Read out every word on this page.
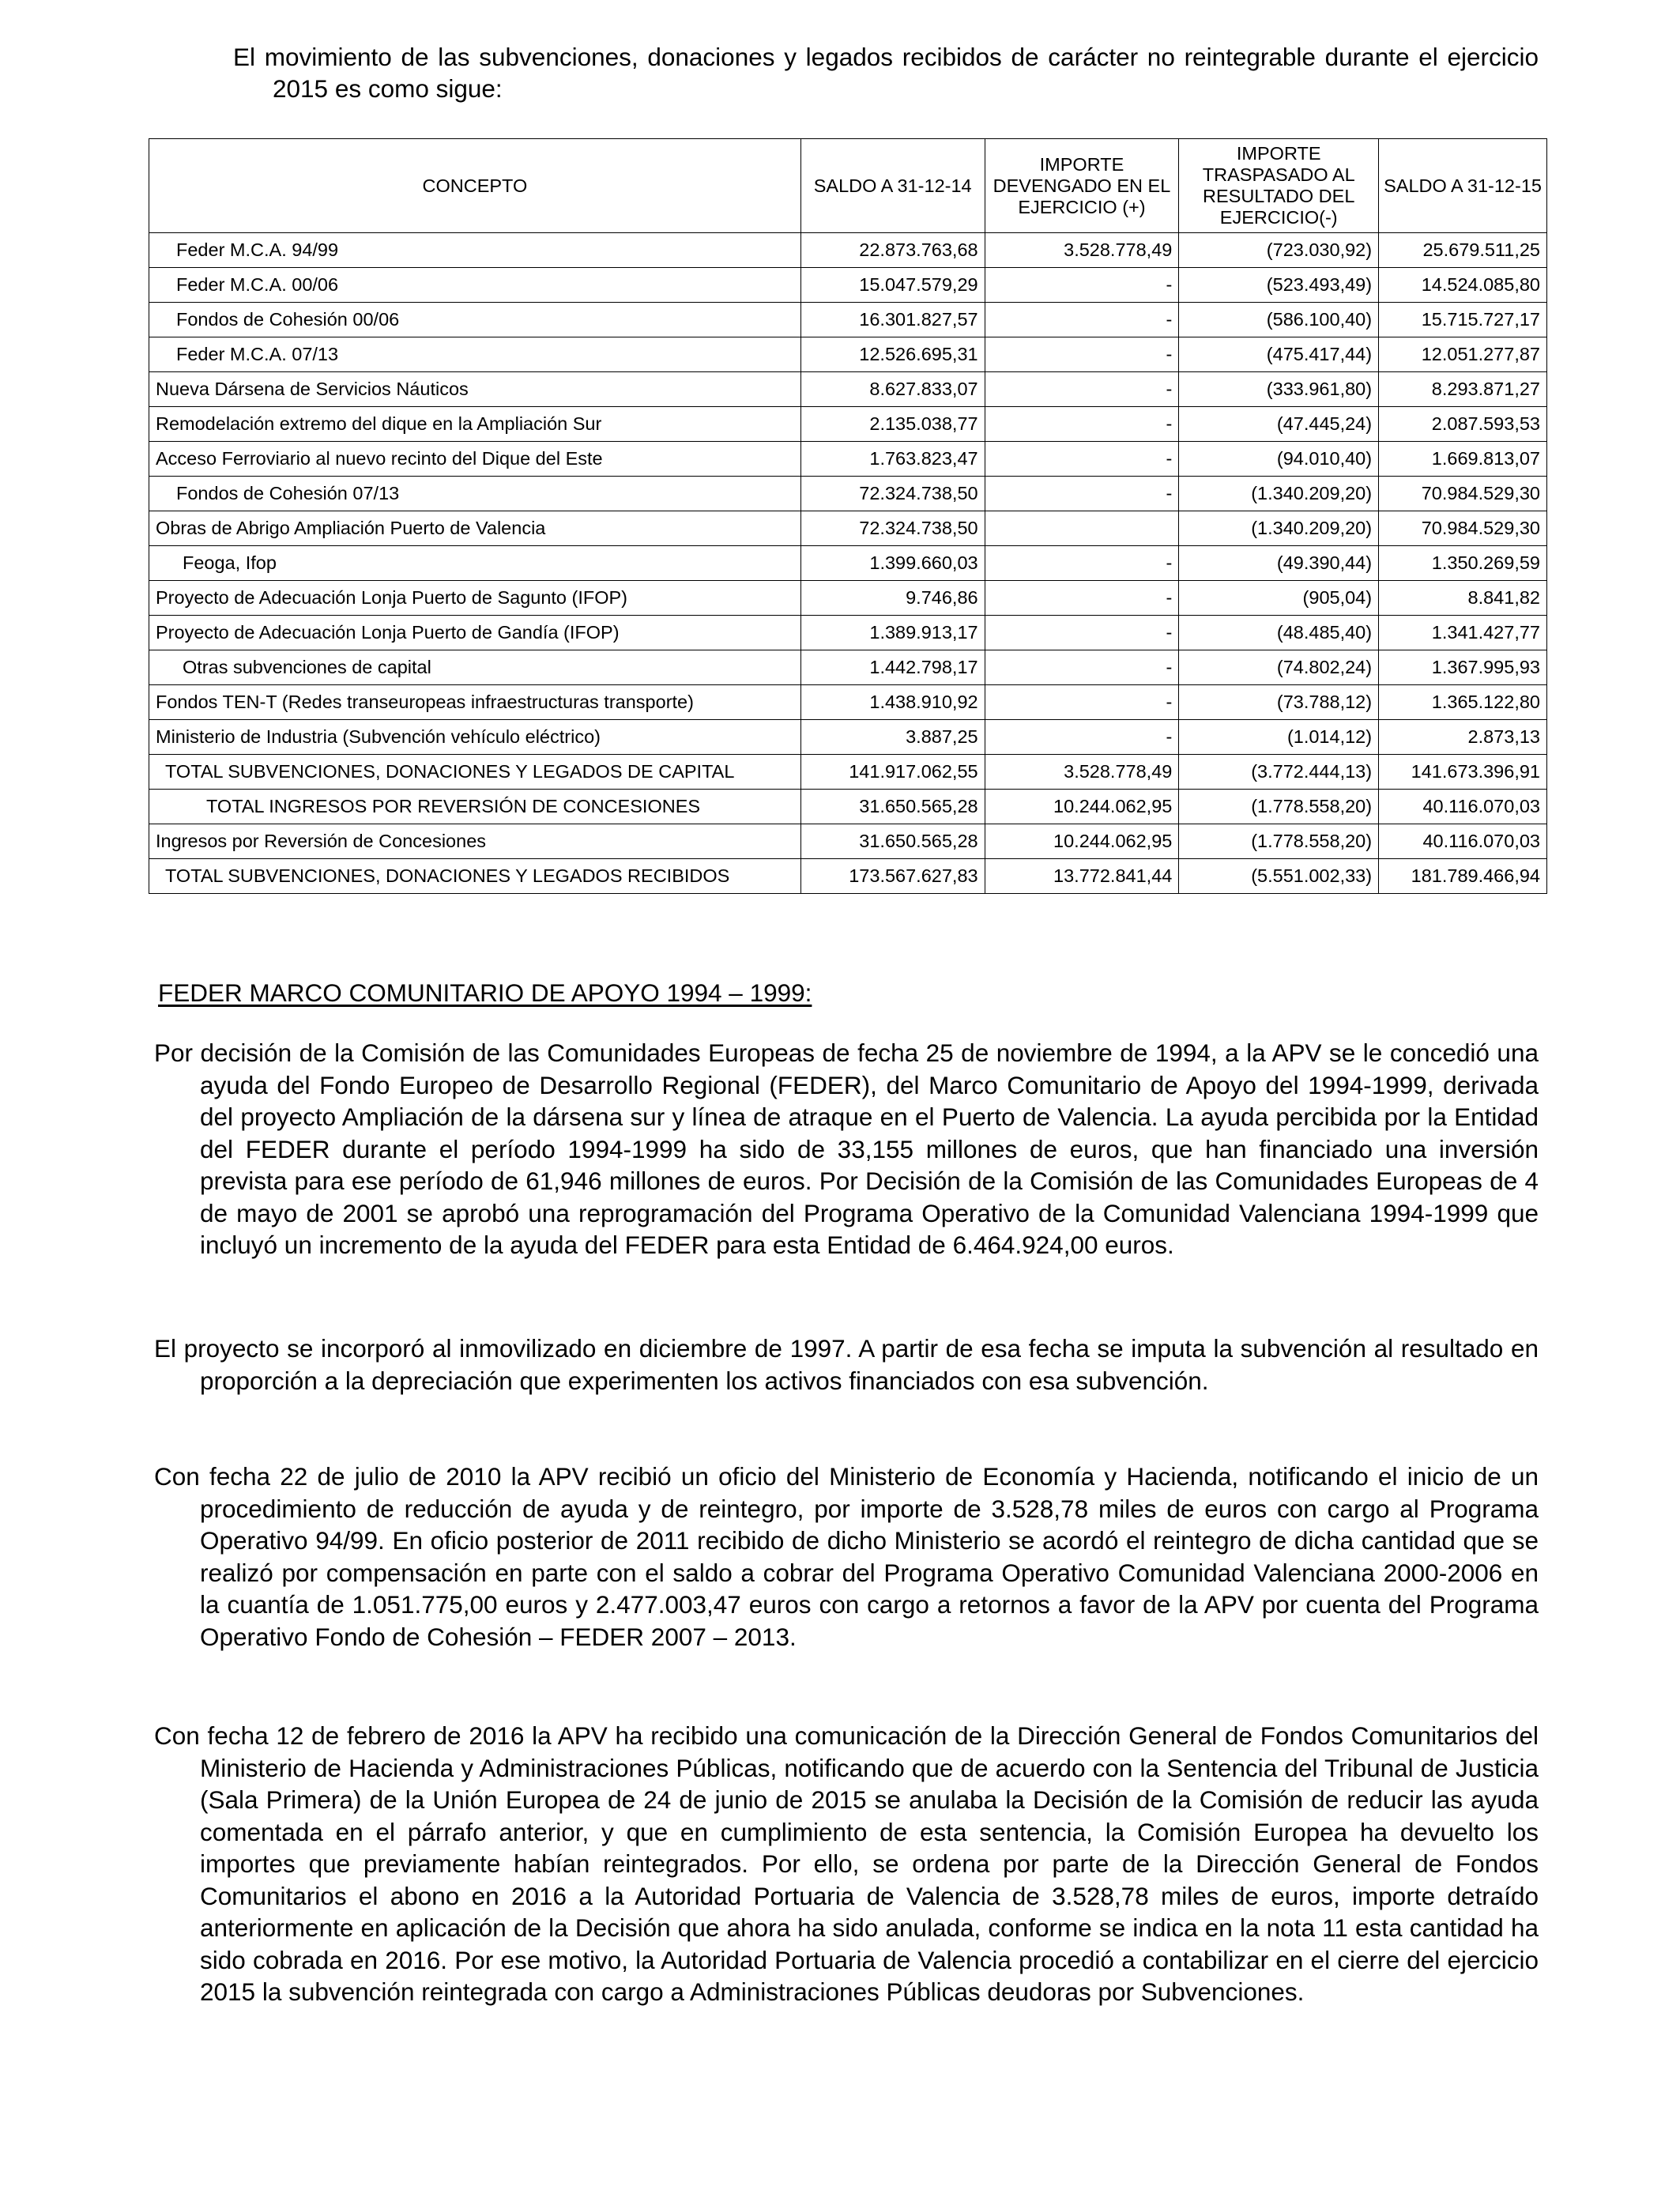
El movimiento de las subvenciones, donaciones y legados recibidos de carácter no reintegrable durante el ejercicio 2015 es como sigue:
CONCEPTO	SALDO A 31-12-14	IMPORTE DEVENGADO EN EL EJERCICIO (+)	IMPORTE TRASPASADO AL RESULTADO DEL EJERCICIO(-)	SALDO A 31-12-15
Feder M.C.A. 94/99	22.873.763,68	3.528.778,49	(723.030,92)	25.679.511,25
Feder M.C.A. 00/06	15.047.579,29	-	(523.493,49)	14.524.085,80
Fondos de Cohesión 00/06	16.301.827,57	-	(586.100,40)	15.715.727,17
Feder M.C.A. 07/13	12.526.695,31	-	(475.417,44)	12.051.277,87
Nueva Dársena de Servicios Náuticos	8.627.833,07	-	(333.961,80)	8.293.871,27
Remodelación extremo del dique en la Ampliación Sur	2.135.038,77	-	(47.445,24)	2.087.593,53
Acceso Ferroviario al nuevo recinto del Dique del Este	1.763.823,47	-	(94.010,40)	1.669.813,07
Fondos de Cohesión 07/13	72.324.738,50	-	(1.340.209,20)	70.984.529,30
Obras de Abrigo Ampliación Puerto de Valencia	72.324.738,50		(1.340.209,20)	70.984.529,30
Feoga, Ifop	1.399.660,03	-	(49.390,44)	1.350.269,59
Proyecto de Adecuación Lonja Puerto de Sagunto (IFOP)	9.746,86	-	(905,04)	8.841,82
Proyecto de Adecuación Lonja Puerto de Gandía (IFOP)	1.389.913,17	-	(48.485,40)	1.341.427,77
Otras subvenciones de capital	1.442.798,17	-	(74.802,24)	1.367.995,93
Fondos TEN-T (Redes transeuropeas infraestructuras transporte)	1.438.910,92	-	(73.788,12)	1.365.122,80
Ministerio de Industria (Subvención vehículo eléctrico)	3.887,25	-	(1.014,12)	2.873,13
TOTAL SUBVENCIONES, DONACIONES Y LEGADOS DE CAPITAL	141.917.062,55	3.528.778,49	(3.772.444,13)	141.673.396,91
TOTAL INGRESOS POR REVERSIÓN DE CONCESIONES	31.650.565,28	10.244.062,95	(1.778.558,20)	40.116.070,03
Ingresos por Reversión de Concesiones	31.650.565,28	10.244.062,95	(1.778.558,20)	40.116.070,03
TOTAL SUBVENCIONES, DONACIONES Y LEGADOS RECIBIDOS	173.567.627,83	13.772.841,44	(5.551.002,33)	181.789.466,94
FEDER MARCO COMUNITARIO DE APOYO 1994 – 1999:

Por decisión de la Comisión de las Comunidades Europeas de fecha 25 de noviembre de 1994, a la APV se le concedió una ayuda del Fondo Europeo de Desarrollo Regional (FEDER), del Marco Comunitario de Apoyo del 1994-1999, derivada del proyecto Ampliación de la dársena sur y línea de atraque en el Puerto de Valencia. La ayuda percibida por la Entidad del FEDER durante el período 1994-1999 ha sido de 33,155 millones de euros, que han financiado una inversión prevista para ese período de 61,946 millones de euros. Por Decisión de la Comisión de las Comunidades Europeas de 4 de mayo de 2001 se aprobó una reprogramación del Programa Operativo de la Comunidad Valenciana 1994-1999 que incluyó un incremento de la ayuda del FEDER para esta Entidad de 6.464.924,00 euros.

El proyecto se incorporó al inmovilizado en diciembre de 1997. A partir de esa fecha se imputa la subvención al resultado en proporción a la depreciación que experimenten los activos financiados con esa subvención.

Con fecha 22 de julio de 2010 la APV recibió un oficio del Ministerio de Economía y Hacienda, notificando el inicio de un procedimiento de reducción de ayuda y de reintegro, por importe de 3.528,78 miles de euros con cargo al Programa Operativo 94/99. En oficio posterior de 2011 recibido de dicho Ministerio se acordó el reintegro de dicha cantidad que se realizó por compensación en parte con el saldo a cobrar del Programa Operativo Comunidad Valenciana 2000-2006 en la cuantía de 1.051.775,00 euros y 2.477.003,47 euros con cargo a retornos a favor de la APV por cuenta del Programa Operativo Fondo de Cohesión – FEDER 2007 – 2013.

Con fecha 12 de febrero de 2016 la APV ha recibido una comunicación de la Dirección General de Fondos Comunitarios del Ministerio de Hacienda y Administraciones Públicas, notificando que de acuerdo con la Sentencia del Tribunal de Justicia (Sala Primera) de la Unión Europea de 24 de junio de 2015 se anulaba la Decisión de la Comisión de reducir las ayuda comentada en el párrafo anterior, y que en cumplimiento de esta sentencia, la Comisión Europea ha devuelto los importes que previamente habían reintegrados. Por ello, se ordena por parte de la Dirección General de Fondos Comunitarios el abono en 2016 a la Autoridad Portuaria de Valencia de 3.528,78 miles de euros, importe detraído anteriormente en aplicación de la Decisión que ahora ha sido anulada, conforme se indica en la nota 11 esta cantidad ha sido cobrada en 2016. Por ese motivo, la Autoridad Portuaria de Valencia procedió a contabilizar en el cierre del ejercicio 2015 la subvención reintegrada con cargo a Administraciones Públicas deudoras por Subvenciones.
